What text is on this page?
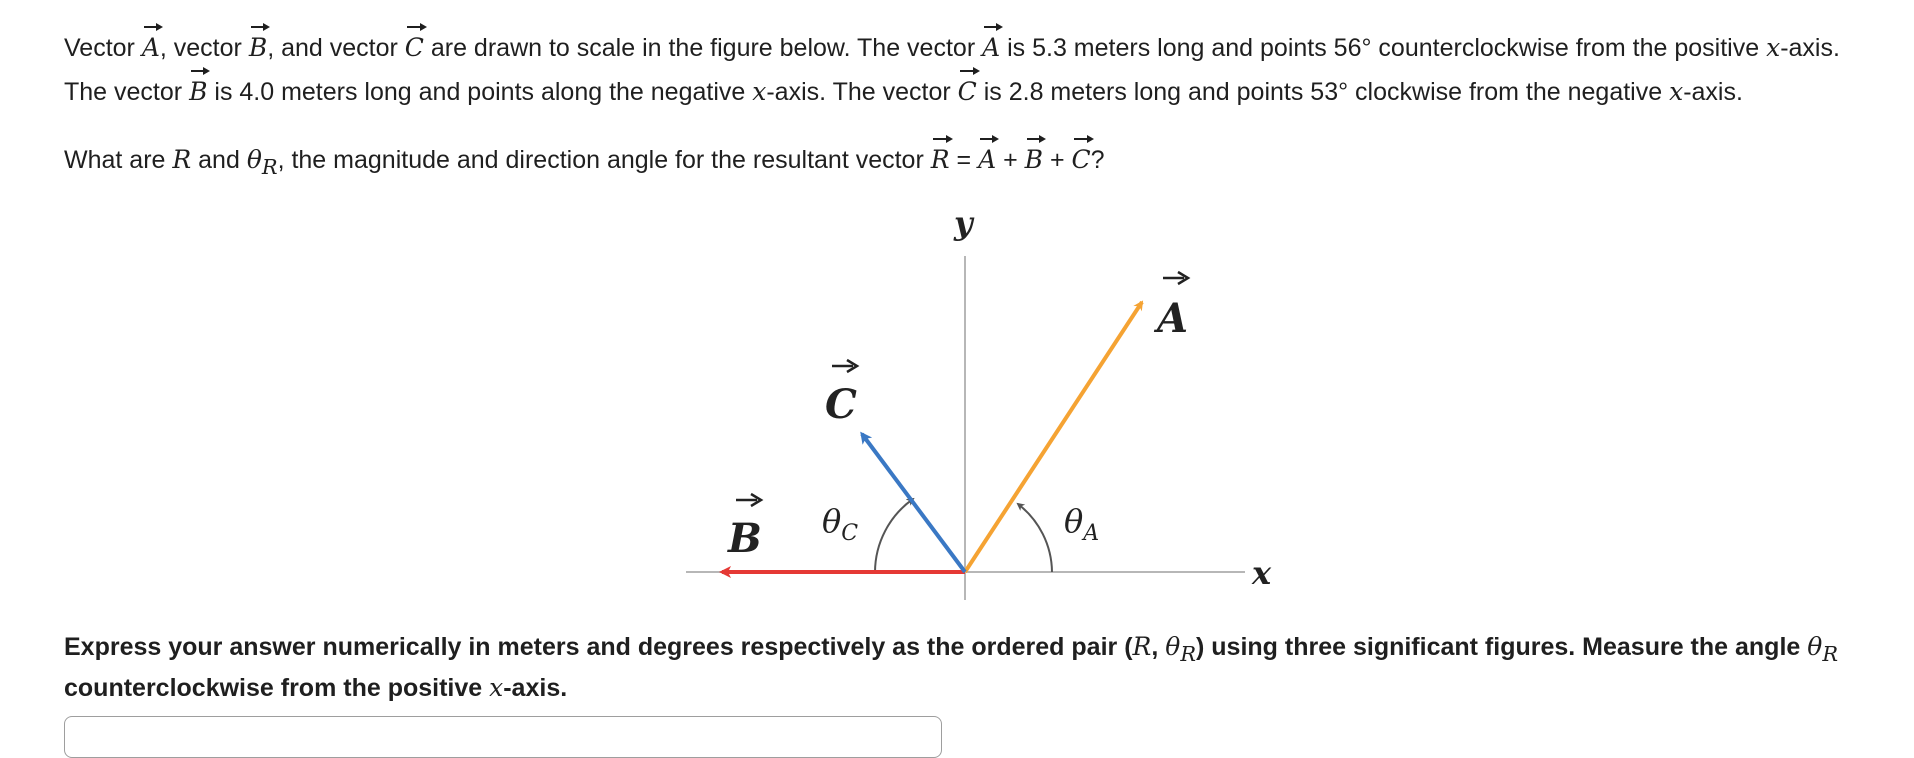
Vector A, vector B, and vector C are drawn to scale in the figure below. The vector A is 5.3 meters long and points 56° counterclockwise from the positive x-axis. The vector B is 4.0 meters long and points along the negative x-axis. The vector C is 2.8 meters long and points 53° clockwise from the negative x-axis.

What are R and $\theta_R$, the magnitude and direction angle for the resultant vector R = A + B + C?

y
x
A
C
B $\theta_C$	$\theta_A$

Express your answer numerically in meters and degrees respectively as the ordered pair (R, $\theta_R$) using three significant figures. Measure the angle $\theta_R$ counterclockwise from the positive x-axis.
